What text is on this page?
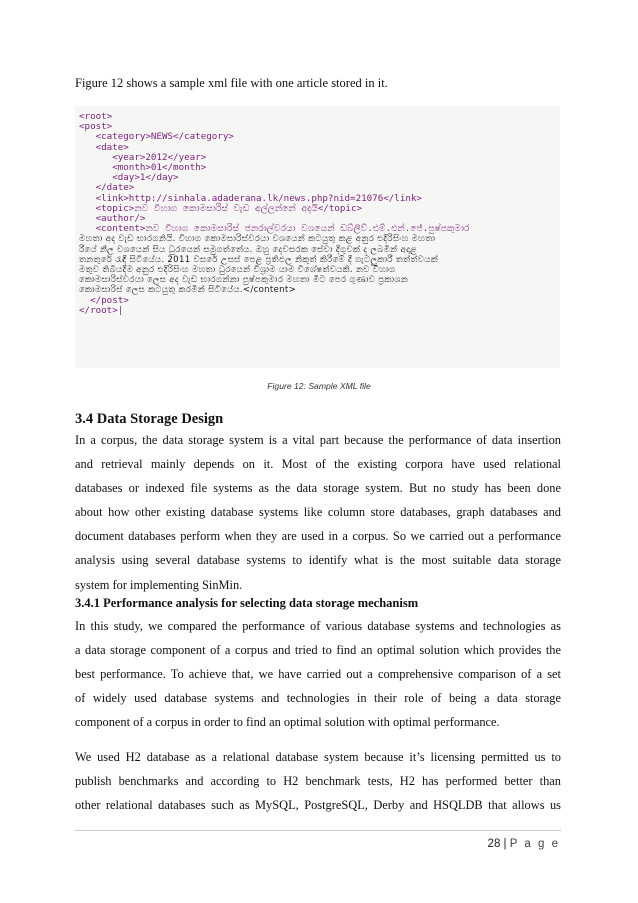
Figure 12 shows a sample xml file with one article stored in it.
<root>
<post>
<category>NEWS</category>
<date>
<year>2012</year>
<month>01</month>
<day>1</day>
</date>
<link>http://sinhala.adaderana.lk/news.php?nid=21076</link>
<topic>නව විහාග කොමසාරිස් වැඩ අල්ලන්නේ අදයි</topic>
<author/>
<content>නව විහාග කොමසාරිස් ජනරාල්වරයා වශයෙන් ඩබ්ලිව්.එම්.එන්.ජේ.පුෂ්පකුමාර
මහතා අද වැඩ භාරගනියි. විහාග කොමසාරිස්වරයා වශයෙන් කටයුතු කළ අනුර එදිරිසිංහ මහතා
රීයේ නීල වශයෙන් සිය ධුරයෙන් සමුගත්තේය. ඔහු දෙවසරක සේවා දිගුවක් ද ලබමින් අදාළ
තනතුරේ රැඳී සිටියේය. 2011 වසරේ උසස් පෙළ ප්‍රතිඵල නිකුත් කිරීමේ දී ගැටලුකාරී තත්ත්වයක්
මතුව තිබියදීම අනුර එදිරිසිංහ මහතා ධුරයෙන් විශ්‍රාම යාම විශේෂත්වයකි. නව විහාග
කොමසාරිස්වරයා ලෙස අද වැඩ භාරගන්නා පුෂ්පකුමාර මහතා මීට පෙර ගුණාව ප්‍රකාශන
කොමසාරිස් ලෙස කටයුතු කරමින් සිටියේය.</content>
</post>
</root>|
Figure 12: Sample XML file
3.4 Data Storage Design
In a corpus, the data storage system is a vital part because the performance of data insertion
and retrieval mainly depends on it. Most of the existing corpora have used relational
databases or indexed file systems as the data storage system. But no study has been done
about how other existing database systems like column store databases, graph databases and
document databases perform when they are used in a corpus. So we carried out a performance
analysis using several database systems to identify what is the most suitable data storage
system for implementing SinMin.
3.4.1 Performance analysis for selecting data storage mechanism
In this study, we compared the performance of various database systems and technologies as
a data storage component of a corpus and tried to find an optimal solution which provides the
best performance. To achieve that, we have carried out a comprehensive comparison of a set
of widely used database systems and technologies in their role of being a data storage
component of a corpus in order to find an optimal solution with optimal performance.
We used H2 database as a relational database system because it’s licensing permitted us to
publish benchmarks and according to H2 benchmark tests, H2 has performed better than
other relational databases such as MySQL, PostgreSQL, Derby and HSQLDB that allows us
28 | P a g e
